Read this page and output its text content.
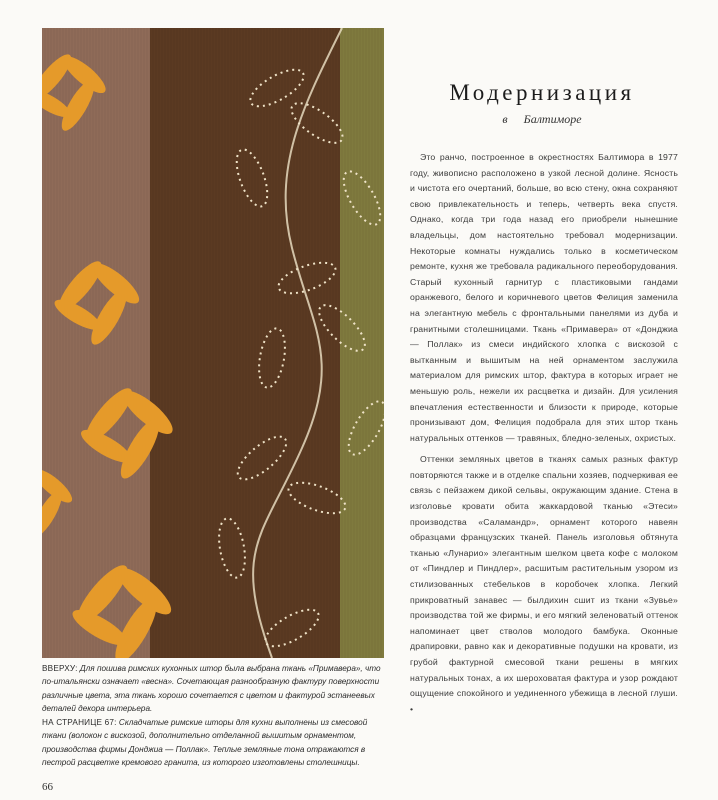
ВВЕРХУ: Для пошива римских кухонных штор была выбрана ткань «Примавера», что по-итальянски означает «весна». Сочетающая разнообразную фактуру поверхности различные цвета, эта ткань хорошо сочетается с цветом и фактурой эстанеевых деталей декора интерьера.

НА СТРАНИЦЕ 67: Складчатые римские шторы для кухни выполнены из смесовой ткани (волокон с вискозой, дополнительно отделанной вышитым орнаментом, производства фирмы Донджиа — Поллак». Теплые земляные тона отражаются в пестрой расцветке кремового гранита, из которого изготовлены столешницы.

Модернизация
в Балтиморе

Это ранчо, построенное в окрестностях Балтимора в 1977 году, живописно расположено в узкой лесной долине. Ясность и чистота его очертаний, больше, во всю стену, окна сохраняют свою привлекательность и теперь, четверть века спустя. Однако, когда три года назад его приобрели нынешние владельцы, дом настоятельно требовал модернизации. Некоторые комнаты нуждались только в косметическом ремонте, кухня же требовала радикального переоборудования. Старый кухонный гарнитур с пластиковыми гандами оранжевого, белого и коричневого цветов Фелиция заменила на элегантную мебель с фронтальными панелями из дуба и гранитными столешницами. Ткань «Примавера» от «Донджиа — Поллак» из смеси индийского хлопка с вискозой с вытканным и вышитым на ней орнаментом заслужила материалом для римских штор, фактура в которых играет не меньшую роль, нежели их расцветка и дизайн. Для усиления впечатления естественности и близости к природе, которые пронизывают дом, Фелиция подобрала для этих штор ткань натуральных оттенков — травяных, бледно-зеленых, охристых.

Оттенки земляных цветов в тканях самых разных фактур повторяются также и в отделке спальни хозяев, подчеркивая ее связь с пейзажем дикой сельвы, окружающим здание. Стена в изголовье кровати обита жаккардовой тканью «Этеси» производства «Саламандр», орнамент которого навеян образцами французских тканей. Панель изголовья обтянута тканью «Лунарио» элегантным шелком цвета кофе с молоком от «Пиндлер и Пиндлер», расшитым растительным узором из стилизованных стебельков в коробочек хлопка. Легкий прикроватный занавес — былдихин сшит из ткани «Зувье» производства той же фирмы, и его мягкий зеленоватый оттенок напоминает цвет стволов молодого бамбука. Оконные драпировки, равно как и декоративные подушки на кровати, из грубой фактурной смесовой ткани решены в мягких натуральных тонах, а их шероховатая фактура и узор рождают ощущение спокойного и уединенного убежища в лесной глуши. •

66
